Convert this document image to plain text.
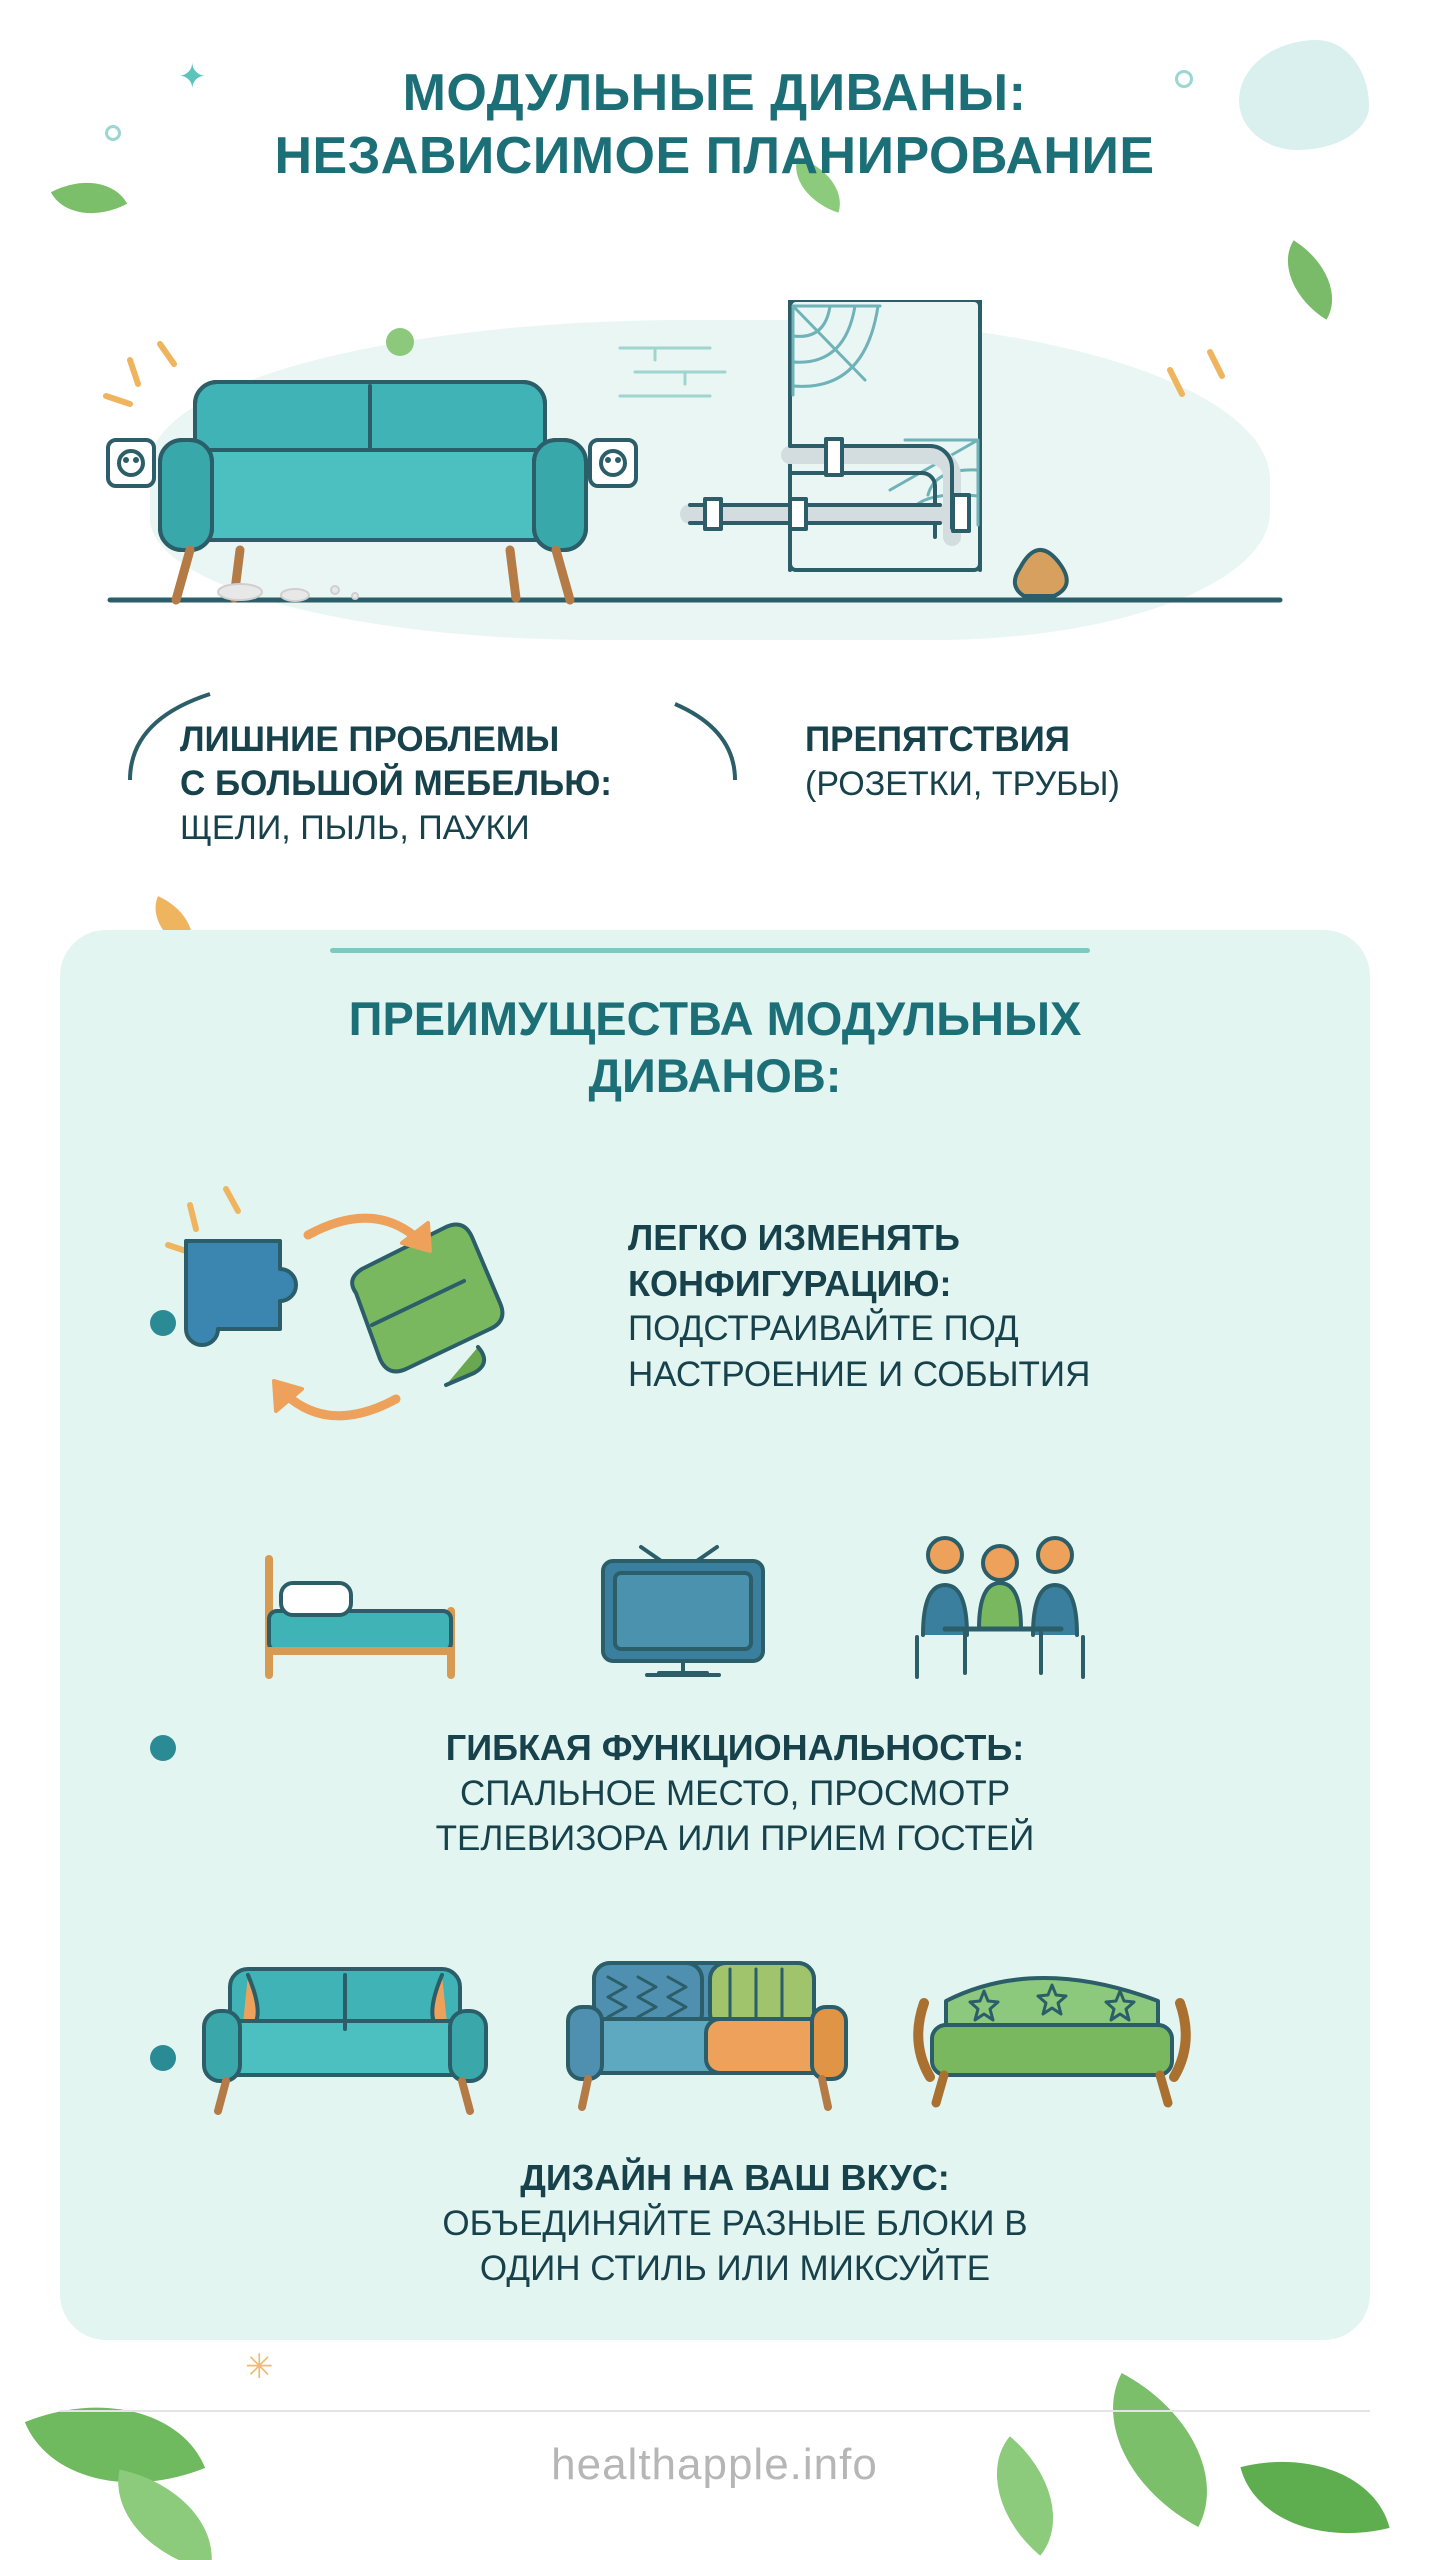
✦
✳
МОДУЛЬНЫЕ ДИВАНЫ:
НЕЗАВИСИМОЕ ПЛАНИРОВАНИЕ
ЛИШНИЕ ПРОБЛЕМЫ
С БОЛЬШОЙ МЕБЕЛЬЮ:
ЩЕЛИ, ПЫЛЬ, ПАУКИ
ПРЕПЯТСТВИЯ
(РОЗЕТКИ, ТРУБЫ)
ПРЕИМУЩЕСТВА МОДУЛЬНЫХ
ДИВАНОВ:
ЛЕГКО ИЗМЕНЯТЬ
КОНФИГУРАЦИЮ:
ПОДСТРАИВАЙТЕ ПОД
НАСТРОЕНИЕ И СОБЫТИЯ
ГИБКАЯ ФУНКЦИОНАЛЬНОСТЬ:
СПАЛЬНОЕ МЕСТО, ПРОСМОТР
ТЕЛЕВИЗОРА ИЛИ ПРИЕМ ГОСТЕЙ
ДИЗАЙН НА ВАШ ВКУС:
ОБЪЕДИНЯЙТЕ РАЗНЫЕ БЛОКИ В
ОДИН СТИЛЬ ИЛИ МИКСУЙТЕ
healthapple.info
